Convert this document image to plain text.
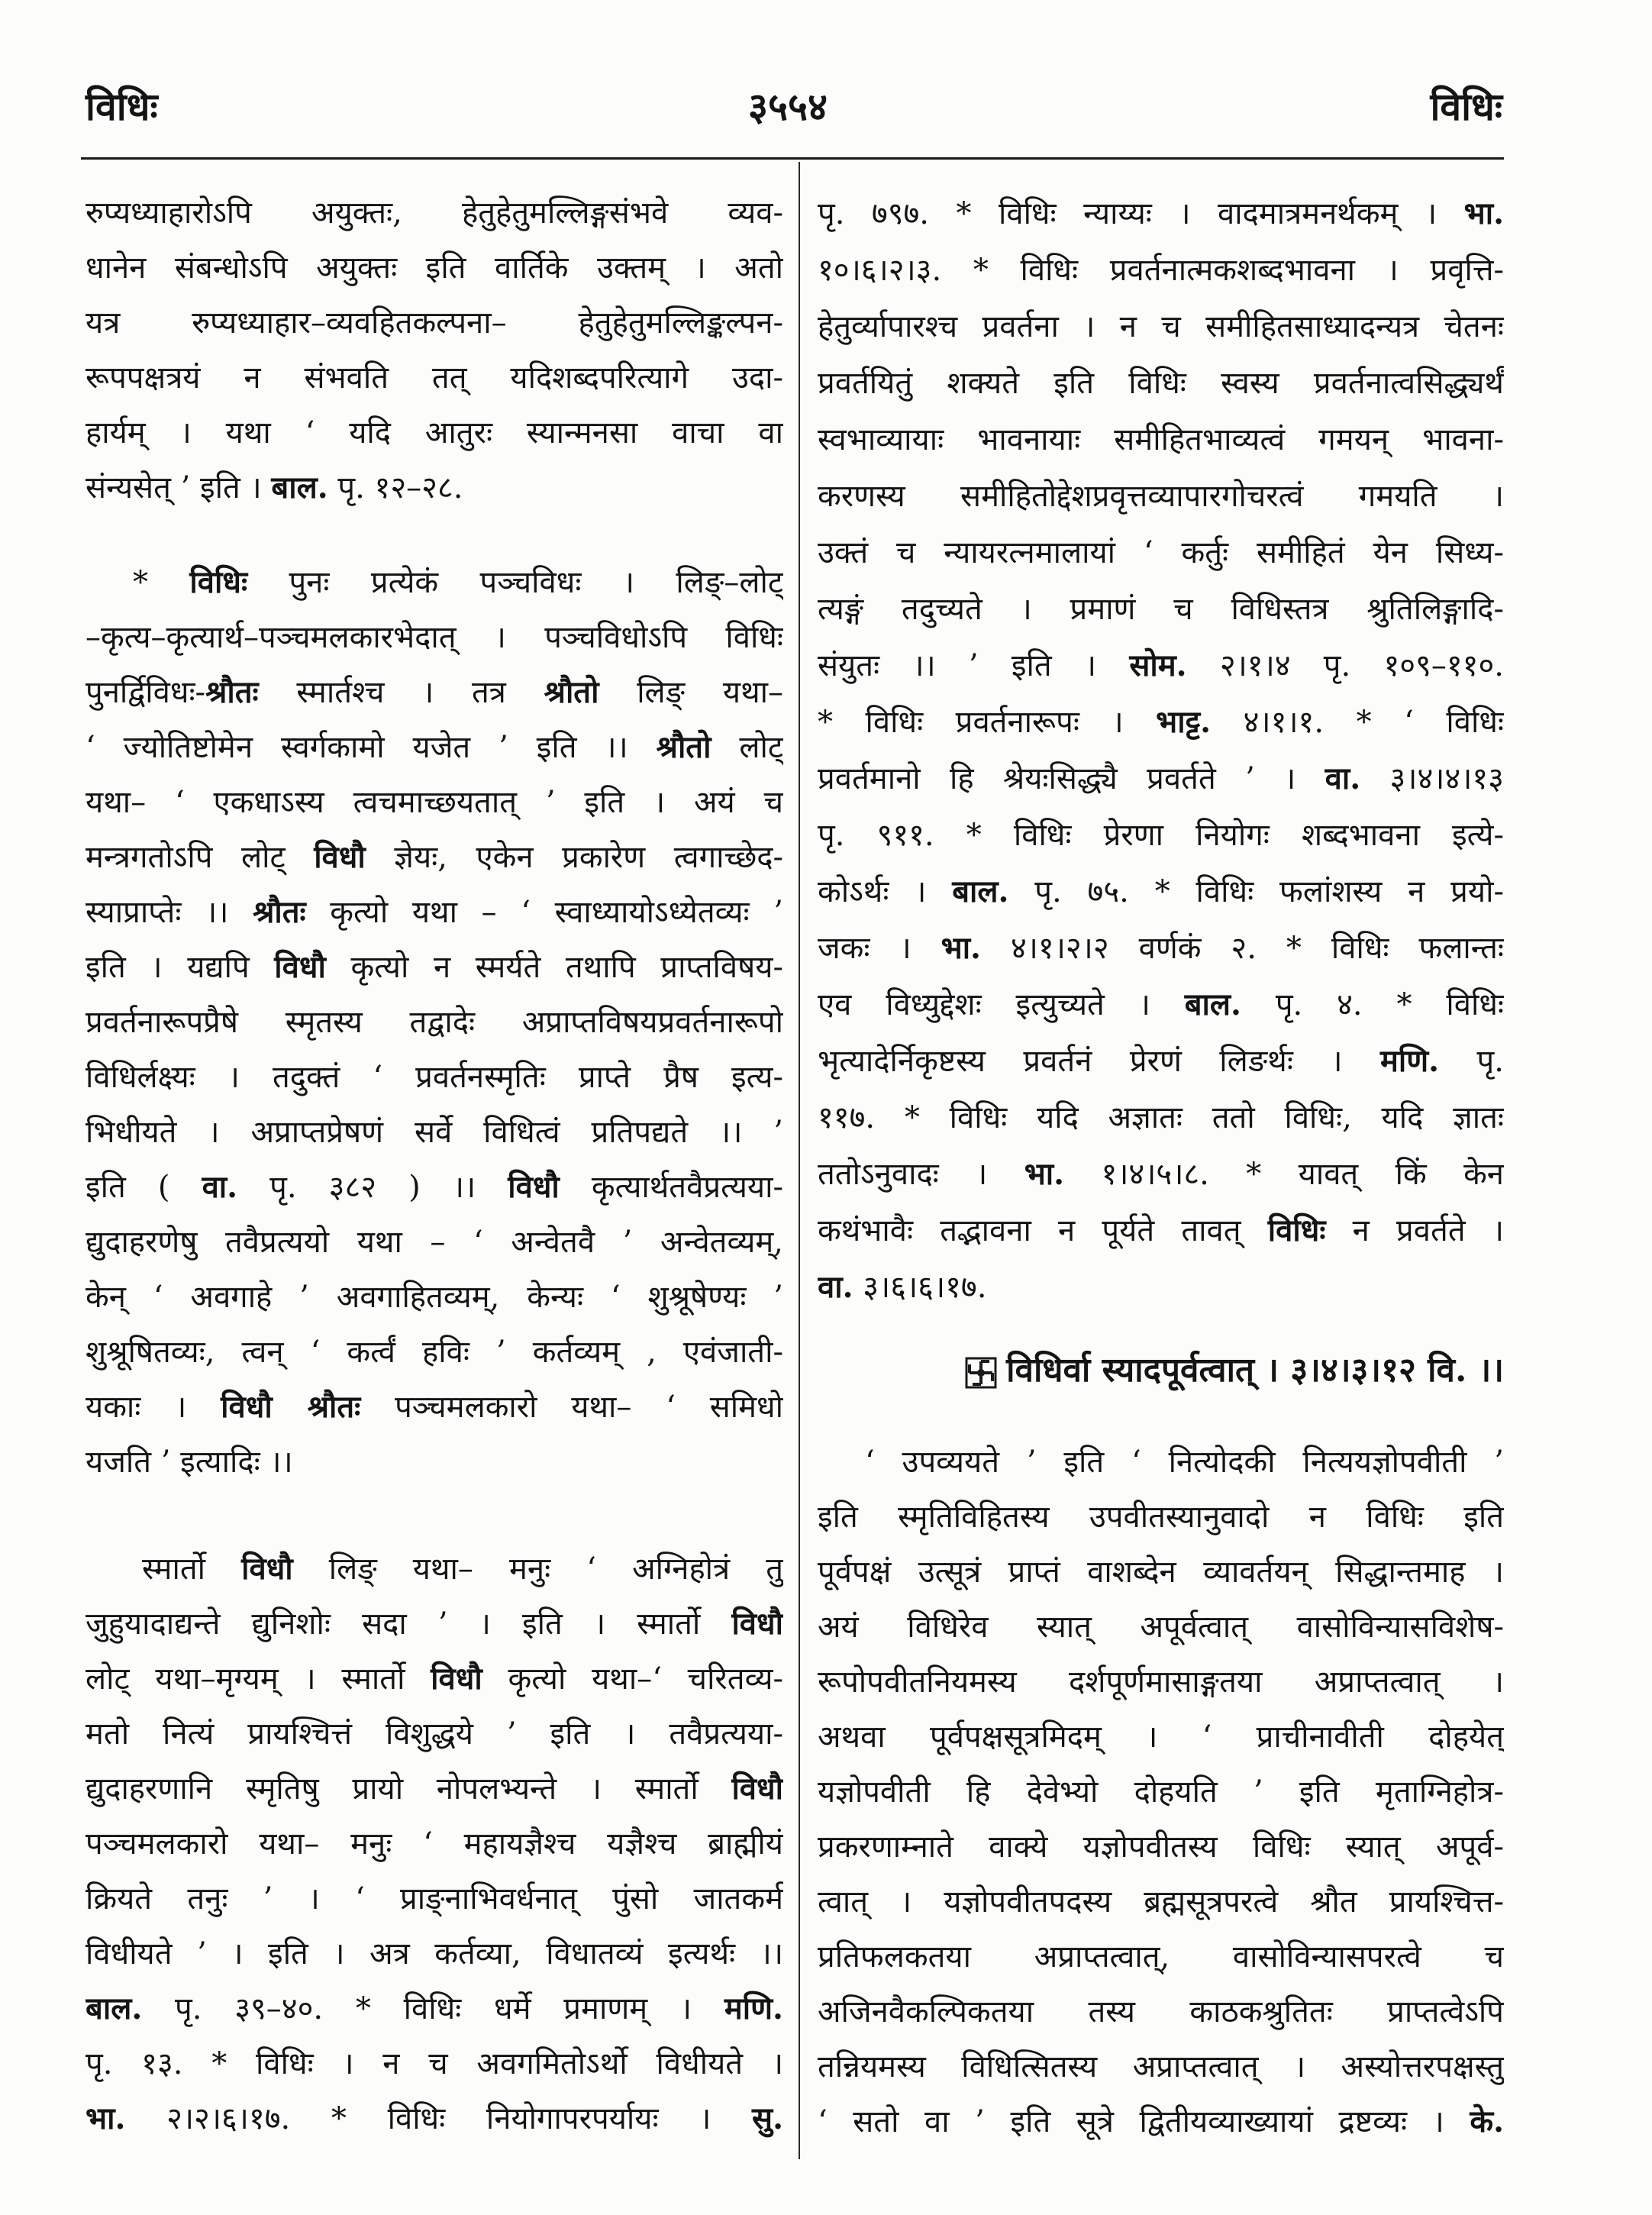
विधिः	३५५४	विधिः
रुप्यध्याहारोऽपि अयुक्तः, हेतुहेतुमल्लिङ्गसंभवे व्यव-
धानेन संबन्धोऽपि अयुक्तः इति वार्तिके उक्तम् । अतो
यत्र रुप्यध्याहार–व्यवहितकल्पना– हेतुहेतुमल्लिङ्कल्पन-
रूपपक्षत्रयं न संभवति तत् यदिशब्दपरित्यागे उदा-
हार्यम् । यथा ‘ यदि आतुरः स्यान्मनसा वाचा वा
संन्यसेत् ’ इति । बाल. पृ. १२–२८.
* विधिः पुनः प्रत्येकं पञ्चविधः । लिङ्–लोट्
–कृत्य–कृत्यार्थ–पञ्चमलकारभेदात् । पञ्चविधोऽपि विधिः
पुनर्द्विविधः-श्रौतः स्मार्तश्च । तत्र श्रौतो लिङ् यथा–
‘ ज्योतिष्टोमेन स्वर्गकामो यजेत ’ इति ।। श्रौतो लोट्
यथा– ‘ एकधाऽस्य त्वचमाच्छयतात् ’ इति । अयं च
मन्त्रगतोऽपि लोट् विधौ ज्ञेयः, एकेन प्रकारेण त्वगाच्छेद-
स्याप्राप्तेः ।। श्रौतः कृत्यो यथा – ‘ स्वाध्यायोऽध्येतव्यः ’
इति । यद्यपि विधौ कृत्यो न स्मर्यते तथापि प्राप्तविषय-
प्रवर्तनारूपप्रैषे स्मृतस्य तद्वादेः अप्राप्तविषयप्रवर्तनारूपो
विधिर्लक्ष्यः । तदुक्तं ‘ प्रवर्तनस्मृतिः प्राप्ते प्रैष इत्य-
भिधीयते । अप्राप्तप्रेषणं सर्वे विधित्वं प्रतिपद्यते ।। ’
इति ( वा. पृ. ३८२ ) ।। विधौ कृत्यार्थतवैप्रत्यया-
द्युदाहरणेषु तवैप्रत्ययो यथा – ‘ अन्वेतवै ’ अन्वेतव्यम्,
केन् ‘ अवगाहे ’ अवगाहितव्यम्, केन्यः ‘ शुश्रूषेण्यः ’
शुश्रूषितव्यः, त्वन् ‘ कर्त्वं हविः ’ कर्तव्यम् , एवंजाती-
यकाः । विधौ श्रौतः पञ्चमलकारो यथा– ‘ समिधो
यजति ’ इत्यादिः ।।
स्मार्तो विधौ लिङ् यथा– मनुः ‘ अग्निहोत्रं तु
जुहुयादाद्यन्ते द्युनिशोः सदा ’ । इति । स्मार्तो विधौ
लोट् यथा–मृग्यम् । स्मार्तो विधौ कृत्यो यथा–‘ चरितव्य-
मतो नित्यं प्रायश्चित्तं विशुद्धये ’ इति । तवैप्रत्यया-
द्युदाहरणानि स्मृतिषु प्रायो नोपलभ्यन्ते । स्मार्तो विधौ
पञ्चमलकारो यथा– मनुः ‘ महायज्ञैश्च यज्ञैश्च ब्राह्मीयं
क्रियते तनुः ’ । ‘ प्राङ्नाभिवर्धनात् पुंसो जातकर्म
विधीयते ’ । इति । अत्र कर्तव्या, विधातव्यं इत्यर्थः ।।
बाल. पृ. ३९–४०. * विधिः धर्मे प्रमाणम् । मणि.
पृ. १३. * विधिः । न च अवगमितोऽर्थो विधीयते ।
भा. २।२।६।१७. * विधिः नियोगापरपर्यायः । सु.
पृ. ७९७. * विधिः न्याय्यः । वादमात्रमनर्थकम् । भा.
१०।६।२।३. * विधिः प्रवर्तनात्मकशब्दभावना । प्रवृत्ति-
हेतुर्व्यापारश्च प्रवर्तना । न च समीहितसाध्यादन्यत्र चेतनः
प्रवर्तयितुं शक्यते इति विधिः स्वस्य प्रवर्तनात्वसिद्ध्यर्थं
स्वभाव्यायाः भावनायाः समीहितभाव्यत्वं गमयन् भावना-
करणस्य समीहितोद्देशप्रवृत्तव्यापारगोचरत्वं गमयति ।
उक्तं च न्यायरत्नमालायां ‘ कर्तुः समीहितं येन सिध्य-
त्यङ्गं तदुच्यते । प्रमाणं च विधिस्तत्र श्रुतिलिङ्गादि-
संयुतः ।। ’ इति । सोम. २।१।४ पृ. १०९–११०.
* विधिः प्रवर्तनारूपः । भाट्ट. ४।१।१. * ‘ विधिः
प्रवर्तमानो हि श्रेयःसिद्ध्यै प्रवर्तते ’ । वा. ३।४।४।१३
पृ. ९११. * विधिः प्रेरणा नियोगः शब्दभावना इत्ये-
कोऽर्थः । बाल. पृ. ७५. * विधिः फलांशस्य न प्रयो-
जकः । भा. ४।१।२।२ वर्णकं २. * विधिः फलान्तः
एव विध्युद्देशः इत्युच्यते । बाल. पृ. ४. * विधिः
भृत्यादेर्निकृष्टस्य प्रवर्तनं प्रेरणं लिङर्थः । मणि. पृ.
११७. * विधिः यदि अज्ञातः ततो विधिः, यदि ज्ञातः
ततोऽनुवादः । भा. १।४।५।८. * यावत् किं केन
कथंभावैः तद्भावना न पूर्यते तावत् विधिः न प्रवर्तते ।
वा. ३।६।६।१७.
विधिर्वा स्यादपूर्वत्वात् । ३।४।३।१२ वि. ।।
‘ उपव्ययते ’ इति ‘ नित्योदकी नित्ययज्ञोपवीती ’
इति स्मृतिविहितस्य उपवीतस्यानुवादो न विधिः इति
पूर्वपक्षं उत्सूत्रं प्राप्तं वाशब्देन व्यावर्तयन् सिद्धान्तमाह ।
अयं विधिरेव स्यात् अपूर्वत्वात् वासोविन्यासविशेष-
रूपोपवीतनियमस्य दर्शपूर्णमासाङ्गतया अप्राप्तत्वात् ।
अथवा पूर्वपक्षसूत्रमिदम् । ‘ प्राचीनावीती दोहयेत्
यज्ञोपवीती हि देवेभ्यो दोहयति ’ इति मृताग्निहोत्र-
प्रकरणाम्नाते वाक्ये यज्ञोपवीतस्य विधिः स्यात् अपूर्व-
त्वात् । यज्ञोपवीतपदस्य ब्रह्मसूत्रपरत्वे श्रौत प्रायश्चित्त-
प्रतिफलकतया अप्राप्तत्वात्, वासोविन्यासपरत्वे च
अजिनवैकल्पिकतया तस्य काठकश्रुतितः प्राप्तत्वेऽपि
तन्नियमस्य विधित्सितस्य अप्राप्तत्वात् । अस्योत्तरपक्षस्तु
‘ सतो वा ’ इति सूत्रे द्वितीयव्याख्यायां द्रष्टव्यः । के.
